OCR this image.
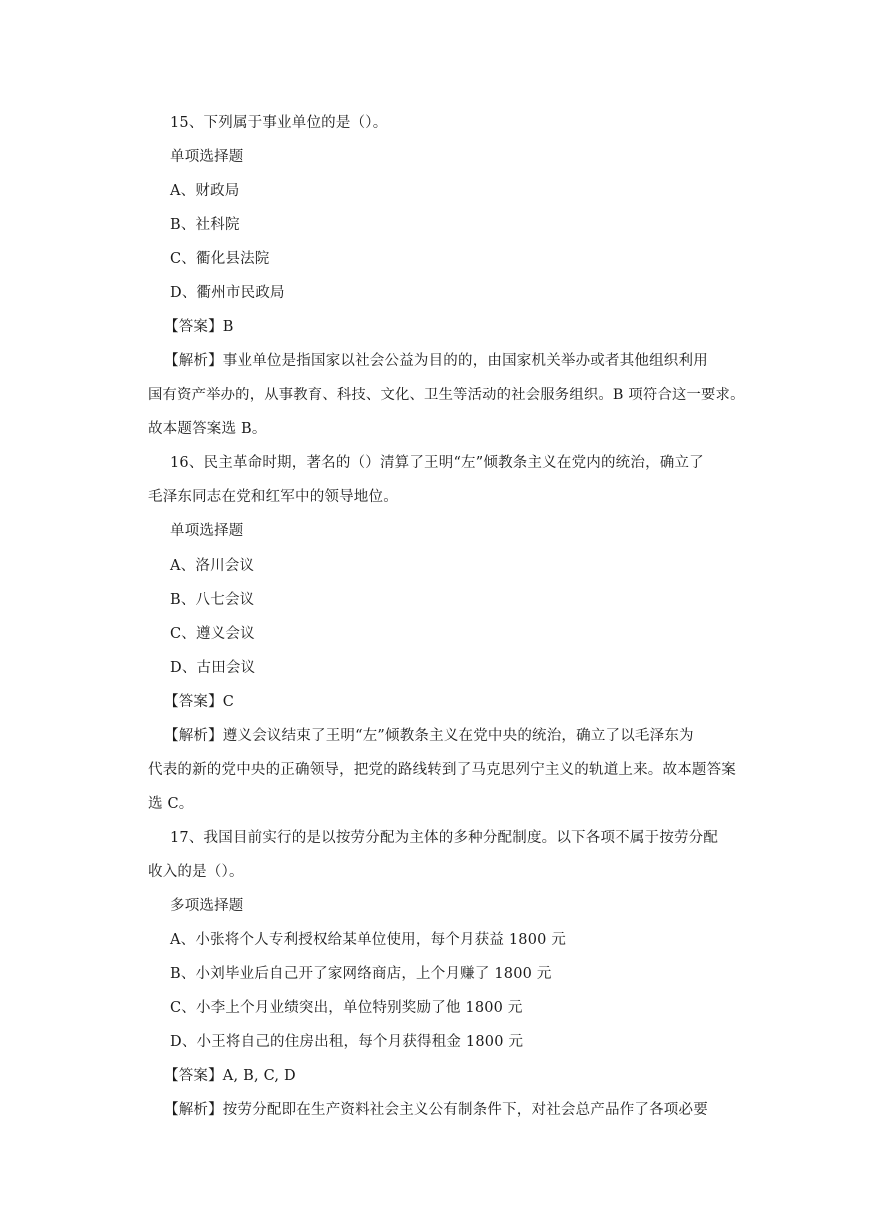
15、下列属于事业单位的是（）。
单项选择题
A、财政局
B、社科院
C、衢化县法院
D、衢州市民政局
【答案】B
【解析】事业单位是指国家以社会公益为目的的，由国家机关举办或者其他组织利用
国有资产举办的，从事教育、科技、文化、卫生等活动的社会服务组织。B 项符合这一要求。
故本题答案选 B。
16、民主革命时期，著名的（）清算了王明“左”倾教条主义在党内的统治，确立了
毛泽东同志在党和红军中的领导地位。
单项选择题
A、洛川会议
B、八七会议
C、遵义会议
D、古田会议
【答案】C
【解析】遵义会议结束了王明“左”倾教条主义在党中央的统治，确立了以毛泽东为
代表的新的党中央的正确领导，把党的路线转到了马克思列宁主义的轨道上来。故本题答案
选 C。
17、我国目前实行的是以按劳分配为主体的多种分配制度。以下各项不属于按劳分配
收入的是（）。
多项选择题
A、小张将个人专利授权给某单位使用，每个月获益 1800 元
B、小刘毕业后自己开了家网络商店，上个月赚了 1800 元
C、小李上个月业绩突出，单位特别奖励了他 1800 元
D、小王将自己的住房出租，每个月获得租金 1800 元
【答案】A, B, C, D
【解析】按劳分配即在生产资料社会主义公有制条件下，对社会总产品作了各项必要
